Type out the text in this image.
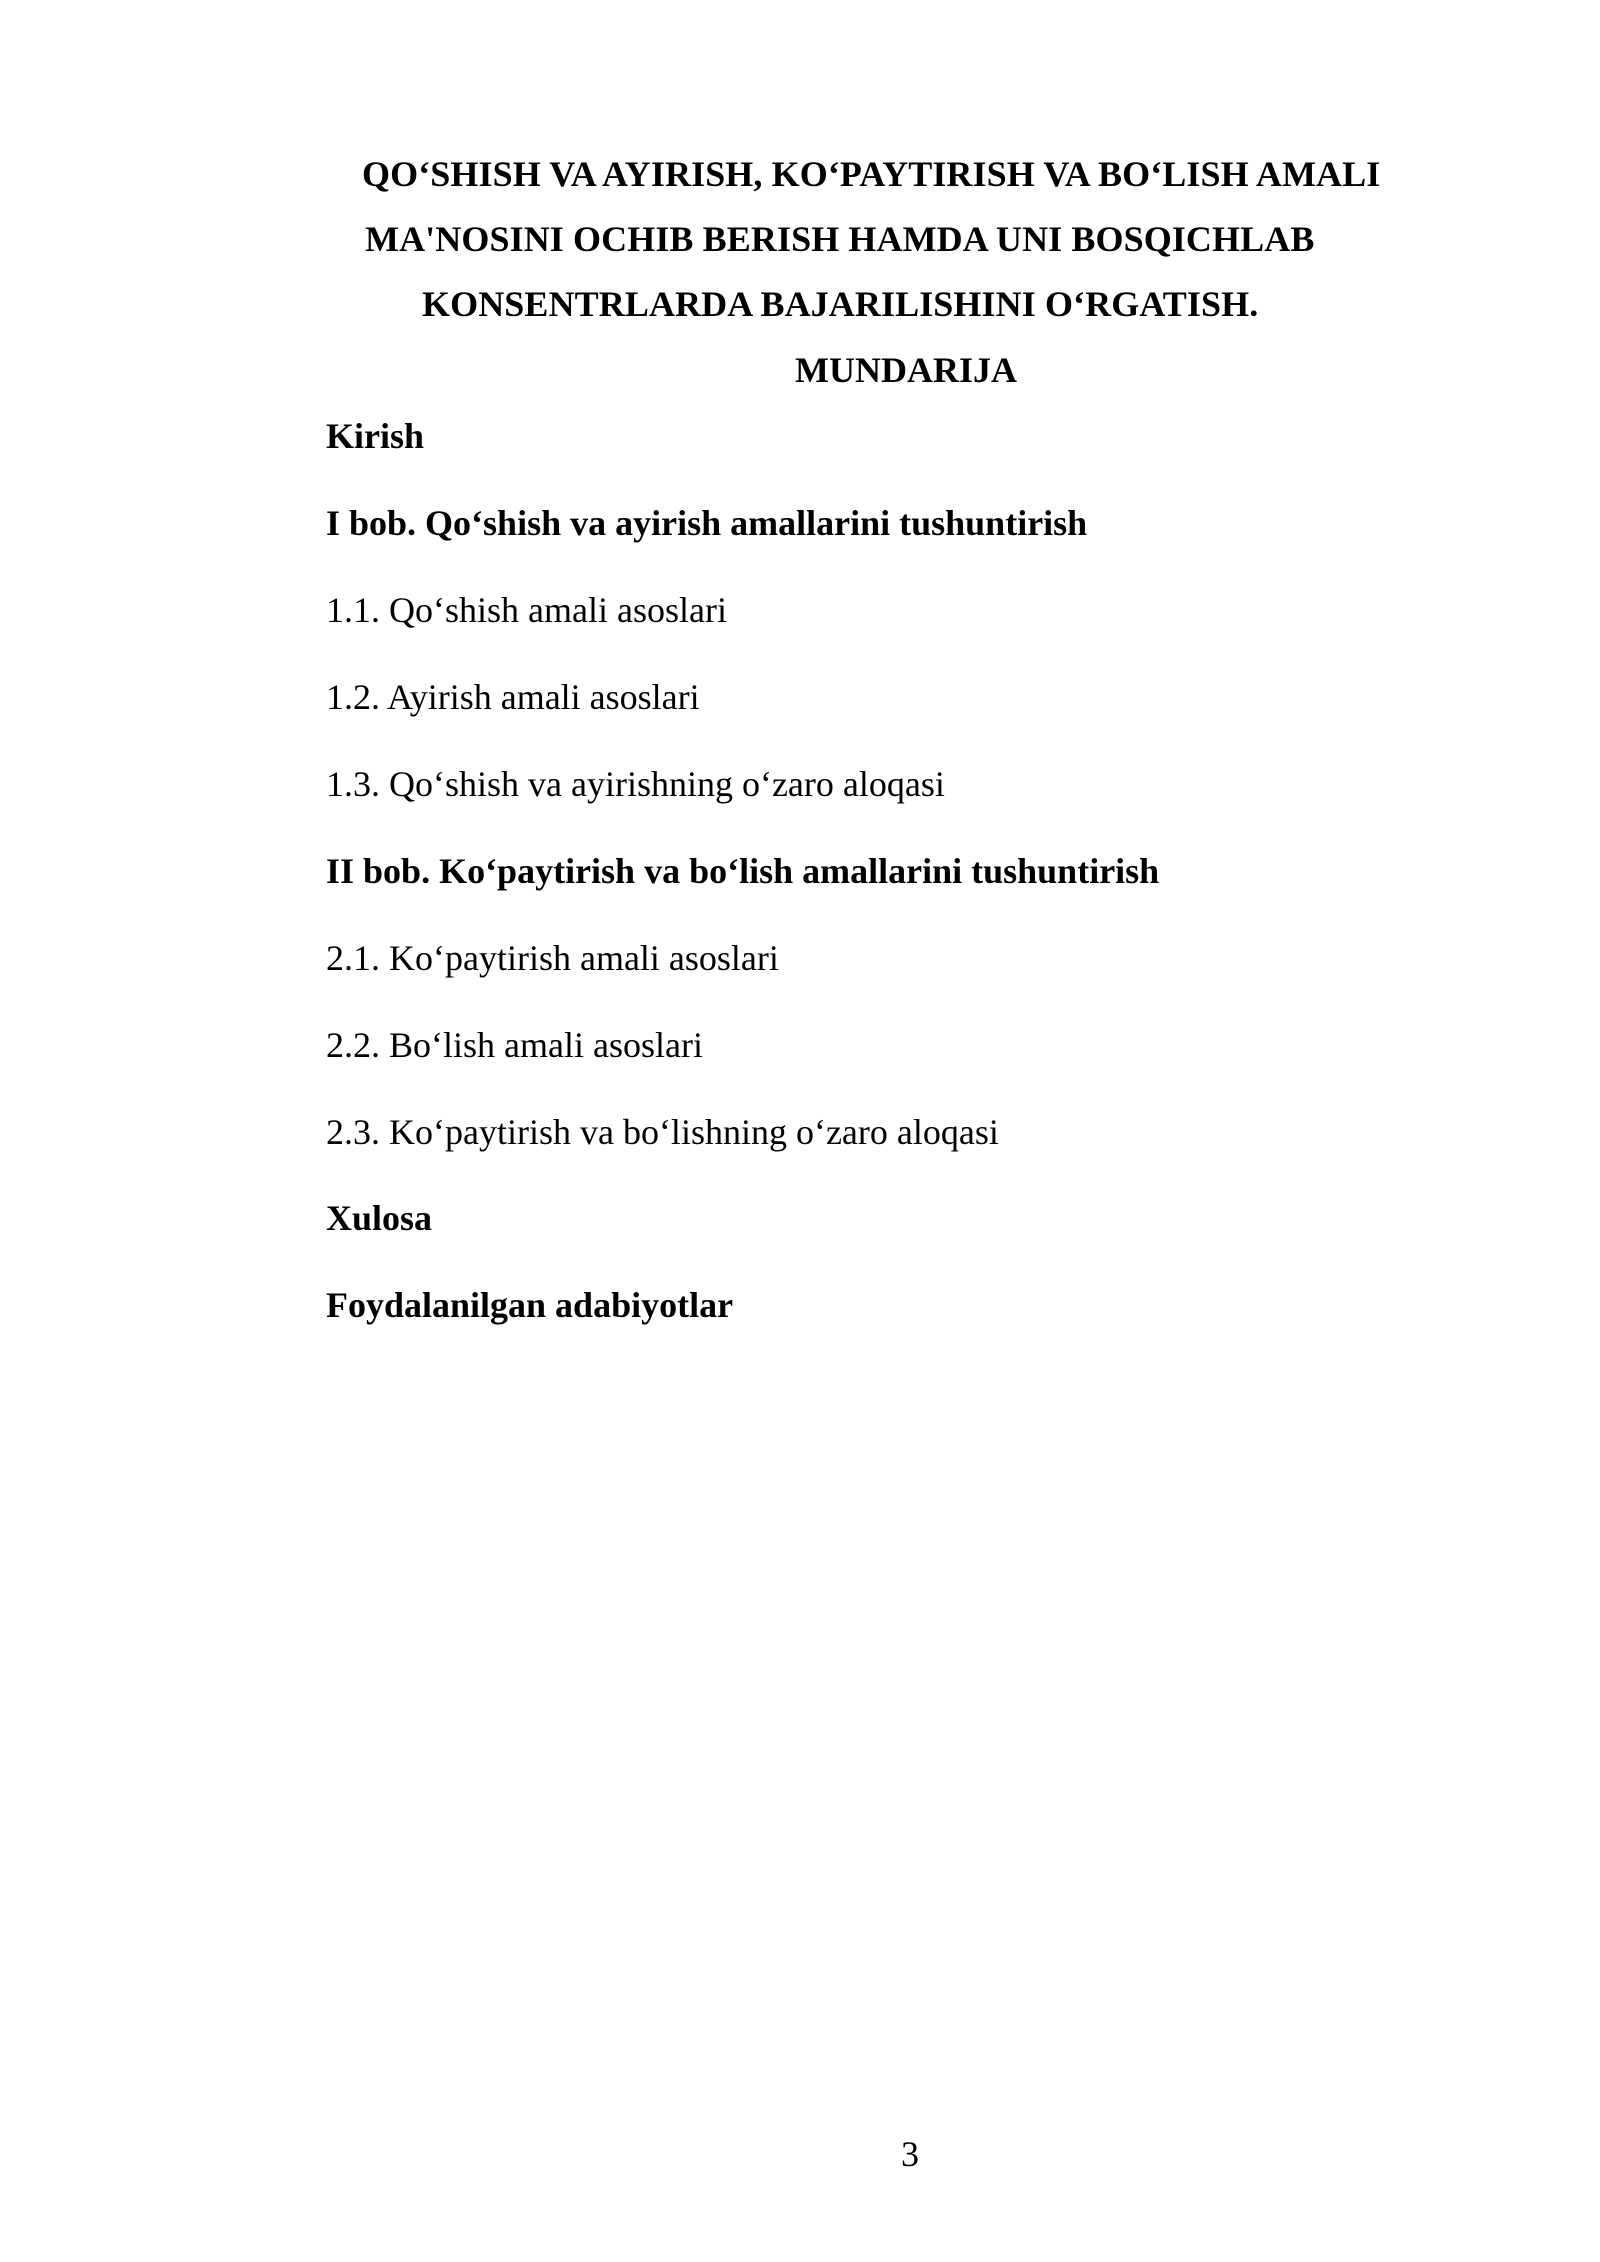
QO‘SHISH VA AYIRISH, KO‘PAYTIRISH VA BO‘LISH AMALI
MA'NOSINI OCHIB BERISH HAMDA UNI BOSQICHLAB
KONSENTRLARDA BAJARILISHINI O‘RGATISH.
MUNDARIJA
Kirish
I bob. Qo‘shish va ayirish amallarini tushuntirish
1.1. Qo‘shish amali asoslari
1.2. Ayirish amali asoslari
1.3. Qo‘shish va ayirishning o‘zaro aloqasi
II bob. Ko‘paytirish va bo‘lish amallarini tushuntirish
2.1. Ko‘paytirish amali asoslari
2.2. Bo‘lish amali asoslari
2.3. Ko‘paytirish va bo‘lishning o‘zaro aloqasi
Xulosa
Foydalanilgan adabiyotlar
3
